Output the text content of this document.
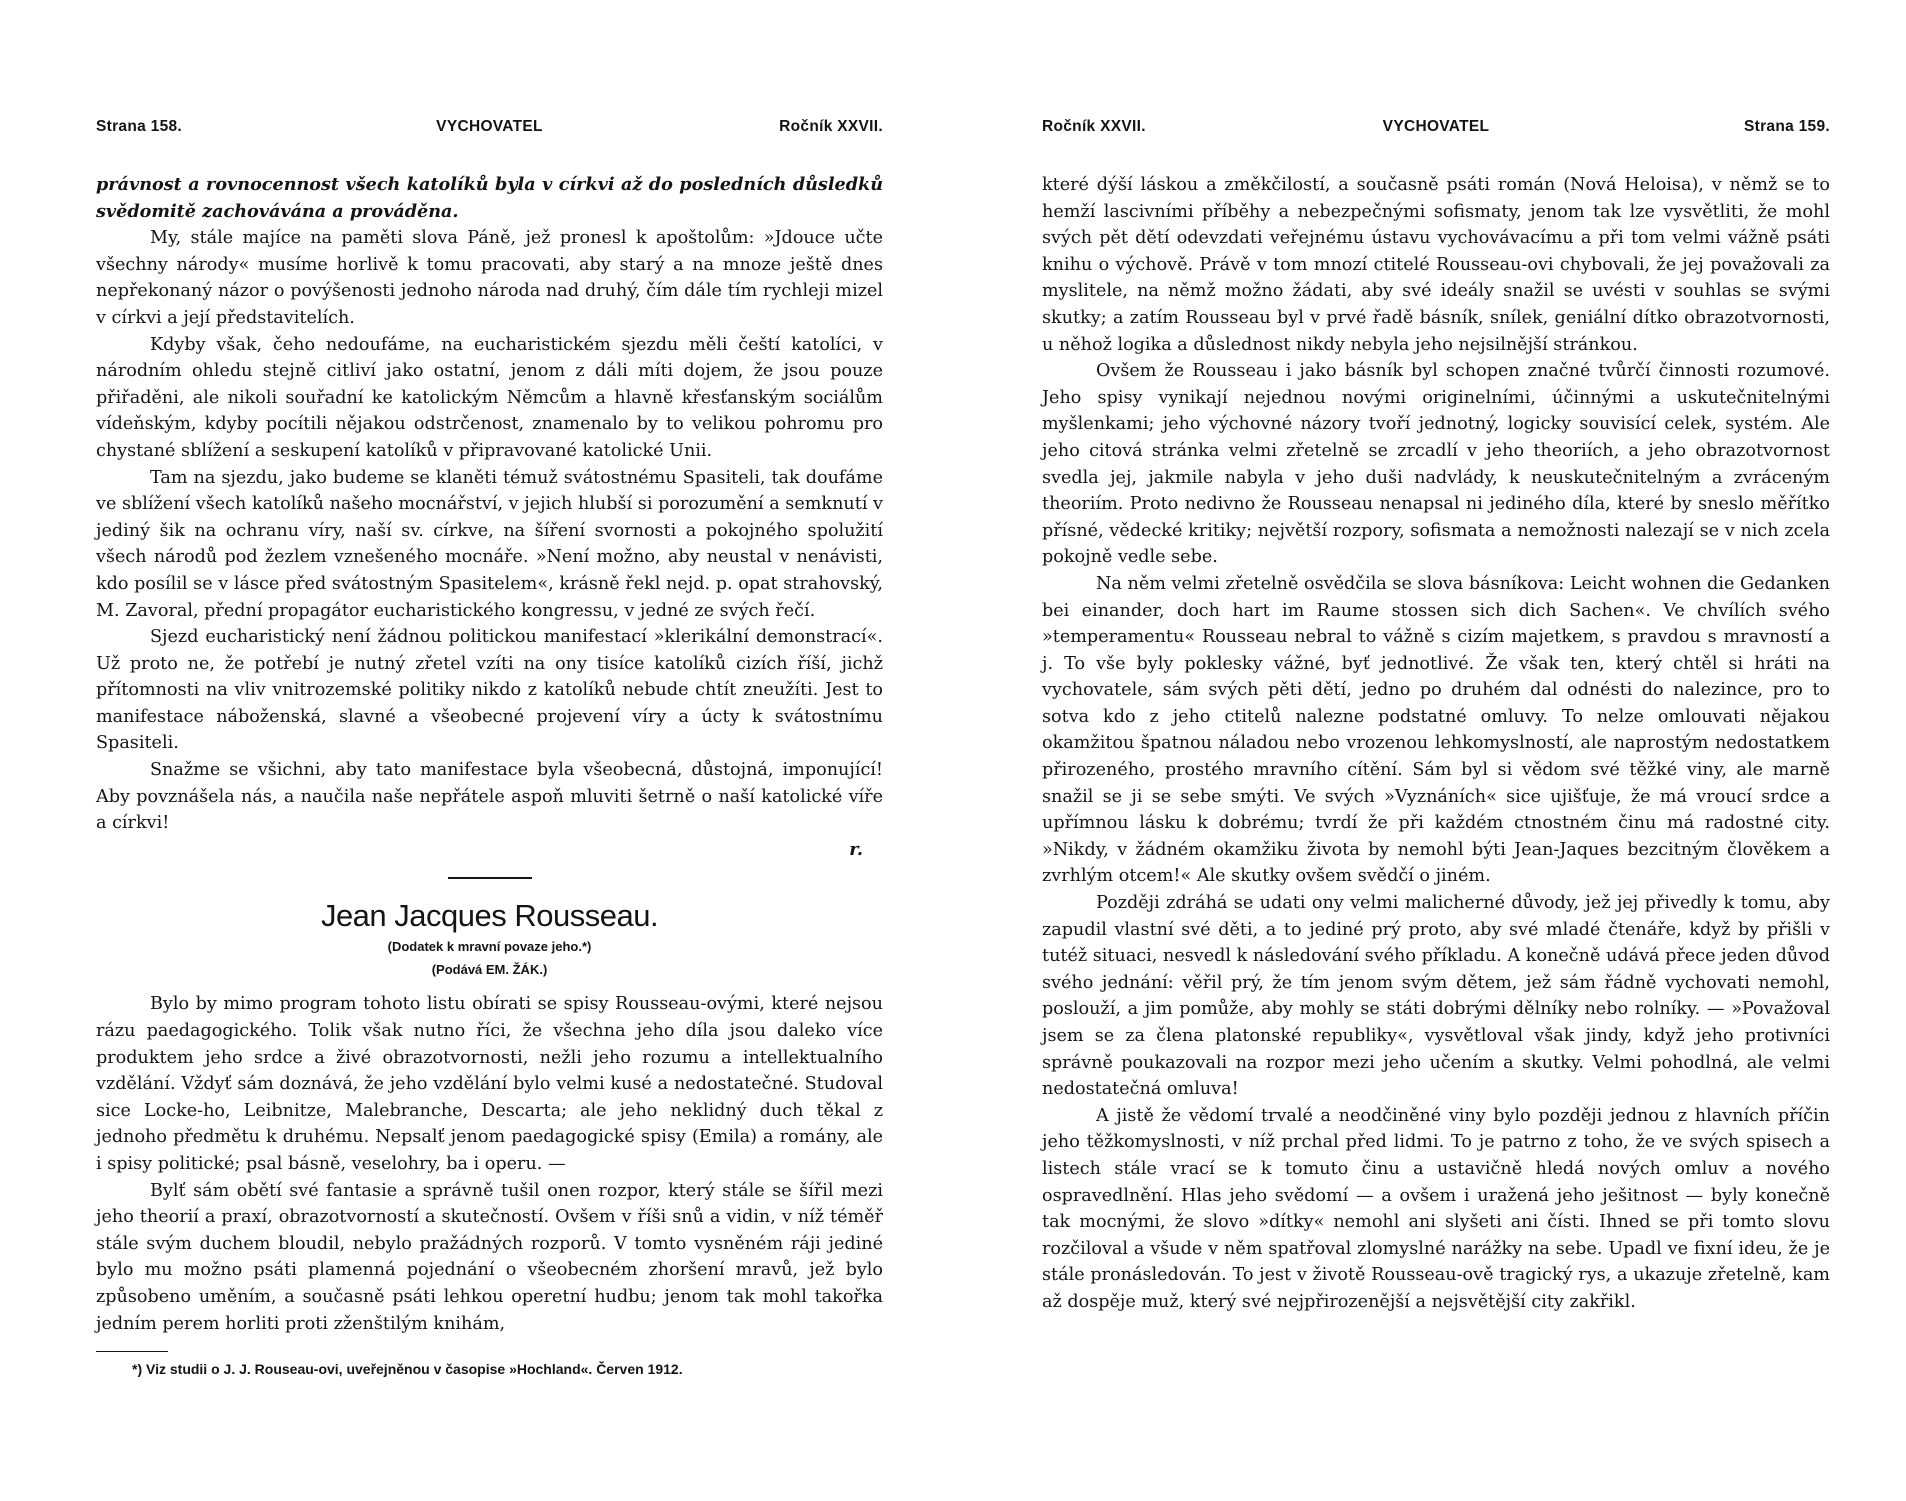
Strana 158.	VYCHOVATEL	Ročník XXVII.

právnost a rovnocennost všech katolíků byla v církvi až do posledních důsledků svědomitě zachovávána a prováděna.

My, stále majíce na paměti slova Páně, jež pronesl k apoštolům: »Jdouce učte všechny národy« musíme horlivě k tomu pracovati, aby starý a na mnoze ještě dnes nepřekonaný názor o povýšenosti jednoho národa nad druhý, čím dále tím rychleji mizel v církvi a její představitelích.

Kdyby však, čeho nedoufáme, na eucharistickém sjezdu měli čeští katolíci, v národním ohledu stejně citliví jako ostatní, jenom z dáli míti dojem, že jsou pouze přiřaděni, ale nikoli souřadní ke katolickým Němcům a hlavně křesťanským sociálům vídeňským, kdyby pocítili nějakou odstrčenost, znamenalo by to velikou pohromu pro chystané sblížení a seskupení katolíků v připravované katolické Unii.

Tam na sjezdu, jako budeme se klaněti témuž svátostnému Spasiteli, tak doufáme ve sblížení všech katolíků našeho mocnářství, v jejich hlubší si porozumění a semknutí v jediný šik na ochranu víry, naší sv. církve, na šíření svornosti a pokojného spolužití všech národů pod žezlem vznešeného mocnáře. »Není možno, aby neustal v nenávisti, kdo posílil se v lásce před svátostným Spasitelem«, krásně řekl nejd. p. opat strahovský, M. Zavoral, přední propagátor eucharistického kongressu, v jedné ze svých řečí.

Sjezd eucharistický není žádnou politickou manifestací »klerikální demonstrací«. Už proto ne, že potřebí je nutný zřetel vzíti na ony tisíce katolíků cizích říší, jichž přítomnosti na vliv vnitrozemské politiky nikdo z katolíků nebude chtít zneužíti. Jest to manifestace náboženská, slavné a všeobecné projevení víry a úcty k svátostnímu Spasiteli.

Snažme se všichni, aby tato manifestace byla všeobecná, důstojná, imponující! Aby povznášela nás, a naučila naše nepřátele aspoň mluviti šetrně o naší katolické víře a církvi!

r.
Jean Jacques Rousseau.
(Dodatek k mravní povaze jeho.*)
(Podává EM. ŽÁK.)

Bylo by mimo program tohoto listu obírati se spisy Rousseau-ovými, které nejsou rázu paedagogického. Tolik však nutno říci, že všechna jeho díla jsou daleko více produktem jeho srdce a živé obrazotvornosti, nežli jeho rozumu a intellektualního vzdělání. Vždyť sám doznává, že jeho vzdělání bylo velmi kusé a nedostatečné. Studoval sice Locke-ho, Leibnitze, Malebranche, Descarta; ale jeho neklidný duch těkal z jednoho předmětu k druhému. Nepsalť jenom paedagogické spisy (Emila) a romány, ale i spisy politické; psal básně, veselohry, ba i operu. —

Bylť sám obětí své fantasie a správně tušil onen rozpor, který stále se šířil mezi jeho theorií a praxí, obrazotvorností a skutečností. Ovšem v říši snů a vidin, v níž téměř stále svým duchem bloudil, nebylo pražádných rozporů. V tomto vysněném ráji jediné bylo mu možno psáti plamenná pojednání o všeobecném zhoršení mravů, jež bylo způsobeno uměním, a současně psáti lehkou operetní hudbu; jenom tak mohl takořka jedním perem horliti proti zženštilým knihám,

*) Viz studii o J. J. Rouseau-ovi, uveřejněnou v časopise »Hochland«. Červen 1912.
Ročník XXVII.	VYCHOVATEL	Strana 159.

které dýší láskou a změkčilostí, a současně psáti román (Nová Heloisa), v němž se to hemží lascivními příběhy a nebezpečnými sofismaty, jenom tak lze vysvětliti, že mohl svých pět dětí odevzdati veřejnému ústavu vychovávacímu a při tom velmi vážně psáti knihu o výchově. Právě v tom mnozí ctitelé Rousseau-ovi chybovali, že jej považovali za myslitele, na němž možno žádati, aby své ideály snažil se uvésti v souhlas se svými skutky; a zatím Rousseau byl v prvé řadě básník, snílek, geniální dítko obrazotvornosti, u něhož logika a důslednost nikdy nebyla jeho nejsilnější stránkou.

Ovšem že Rousseau i jako básník byl schopen značné tvůrčí činnosti rozumové. Jeho spisy vynikají nejednou novými originelními, účinnými a uskutečnitelnými myšlenkami; jeho výchovné názory tvoří jednotný, logicky souvisící celek, systém. Ale jeho citová stránka velmi zřetelně se zrcadlí v jeho theoriích, a jeho obrazotvornost svedla jej, jakmile nabyla v jeho duši nadvlády, k neuskutečnitelným a zvráceným theoriím. Proto nedivno že Rousseau nenapsal ni jediného díla, které by sneslo měřítko přísné, vědecké kritiky; největší rozpory, sofismata a nemožnosti nalezají se v nich zcela pokojně vedle sebe.

Na něm velmi zřetelně osvědčila se slova básníkova: Leicht wohnen die Gedanken bei einander, doch hart im Raume stossen sich dich Sachen«. Ve chvílích svého »temperamentu« Rousseau nebral to vážně s cizím majetkem, s pravdou s mravností a j. To vše byly poklesky vážné, byť jednotlivé. Že však ten, který chtěl si hráti na vychovatele, sám svých pěti dětí, jedno po druhém dal odnésti do nalezince, pro to sotva kdo z jeho ctitelů nalezne podstatné omluvy. To nelze omlouvati nějakou okamžitou špatnou náladou nebo vrozenou lehkomyslností, ale naprostým nedostatkem přirozeného, prostého mravního cítění. Sám byl si vědom své těžké viny, ale marně snažil se ji se sebe smýti. Ve svých »Vyznáních« sice ujišťuje, že má vroucí srdce a upřímnou lásku k dobrému; tvrdí že při každém ctnostném činu má radostné city. »Nikdy, v žádném okamžiku života by nemohl býti Jean-Jaques bezcitným člověkem a zvrhlým otcem!« Ale skutky ovšem svědčí o jiném.

Později zdráhá se udati ony velmi malicherné důvody, jež jej přivedly k tomu, aby zapudil vlastní své děti, a to jediné prý proto, aby své mladé čtenáře, když by přišli v tutéž situaci, nesvedl k následování svého příkladu. A konečně udává přece jeden důvod svého jednání: věřil prý, že tím jenom svým dětem, jež sám řádně vychovati nemohl, poslouží, a jim pomůže, aby mohly se státi dobrými dělníky nebo rolníky. — »Považoval jsem se za člena platonské republiky«, vysvětloval však jindy, když jeho protivníci správně poukazovali na rozpor mezi jeho učením a skutky. Velmi pohodlná, ale velmi nedostatečná omluva!

A jistě že vědomí trvalé a neodčiněné viny bylo později jednou z hlavních příčin jeho těžkomyslnosti, v níž prchal před lidmi. To je patrno z toho, že ve svých spisech a listech stále vrací se k tomuto činu a ustavičně hledá nových omluv a nového ospravedlnění. Hlas jeho svědomí — a ovšem i uražená jeho ješitnost — byly konečně tak mocnými, že slovo »dítky« nemohl ani slyšeti ani čísti. Ihned se při tomto slovu rozčiloval a všude v něm spatřoval zlomyslné narážky na sebe. Upadl ve fixní ideu, že je stále pronásledován. To jest v životě Rousseau-ově tragický rys, a ukazuje zřetelně, kam až dospěje muž, který své nejpřirozenější a nejsvětější city zakřikl.
